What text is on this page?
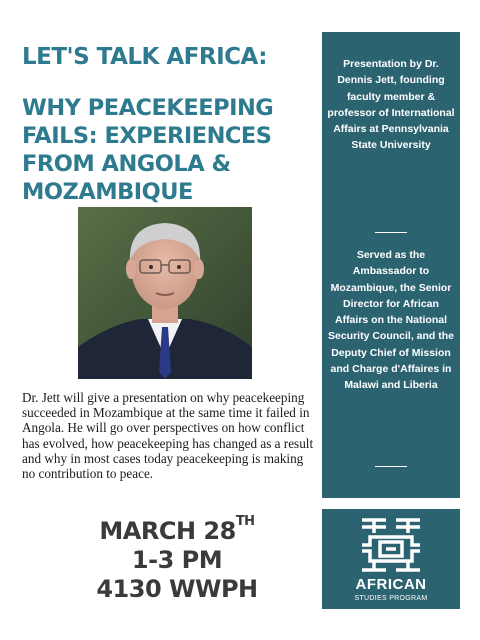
LET'S TALK AFRICA:
WHY PEACEKEEPING FAILS: EXPERIENCES FROM ANGOLA & MOZAMBIQUE

Dr. Jett will give a presentation on why peacekeeping succeeded in Mozambique at the same time it failed in Angola. He will go over perspectives on how conflict has evolved, how peacekeeping has changed as a result and why in most cases today peacekeeping is making no contribution to peace.

MARCH 28TH
1-3 PM
4130 WWPH

Presentation by Dr. Dennis Jett, founding faculty member & professor of International Affairs at Pennsylvania State University

Served as the Ambassador to Mozambique, the Senior Director for African Affairs on the National Security Council, and the Deputy Chief of Mission and Charge d'Affaires in Malawi and Liberia

AFRICAN
STUDIES PROGRAM
